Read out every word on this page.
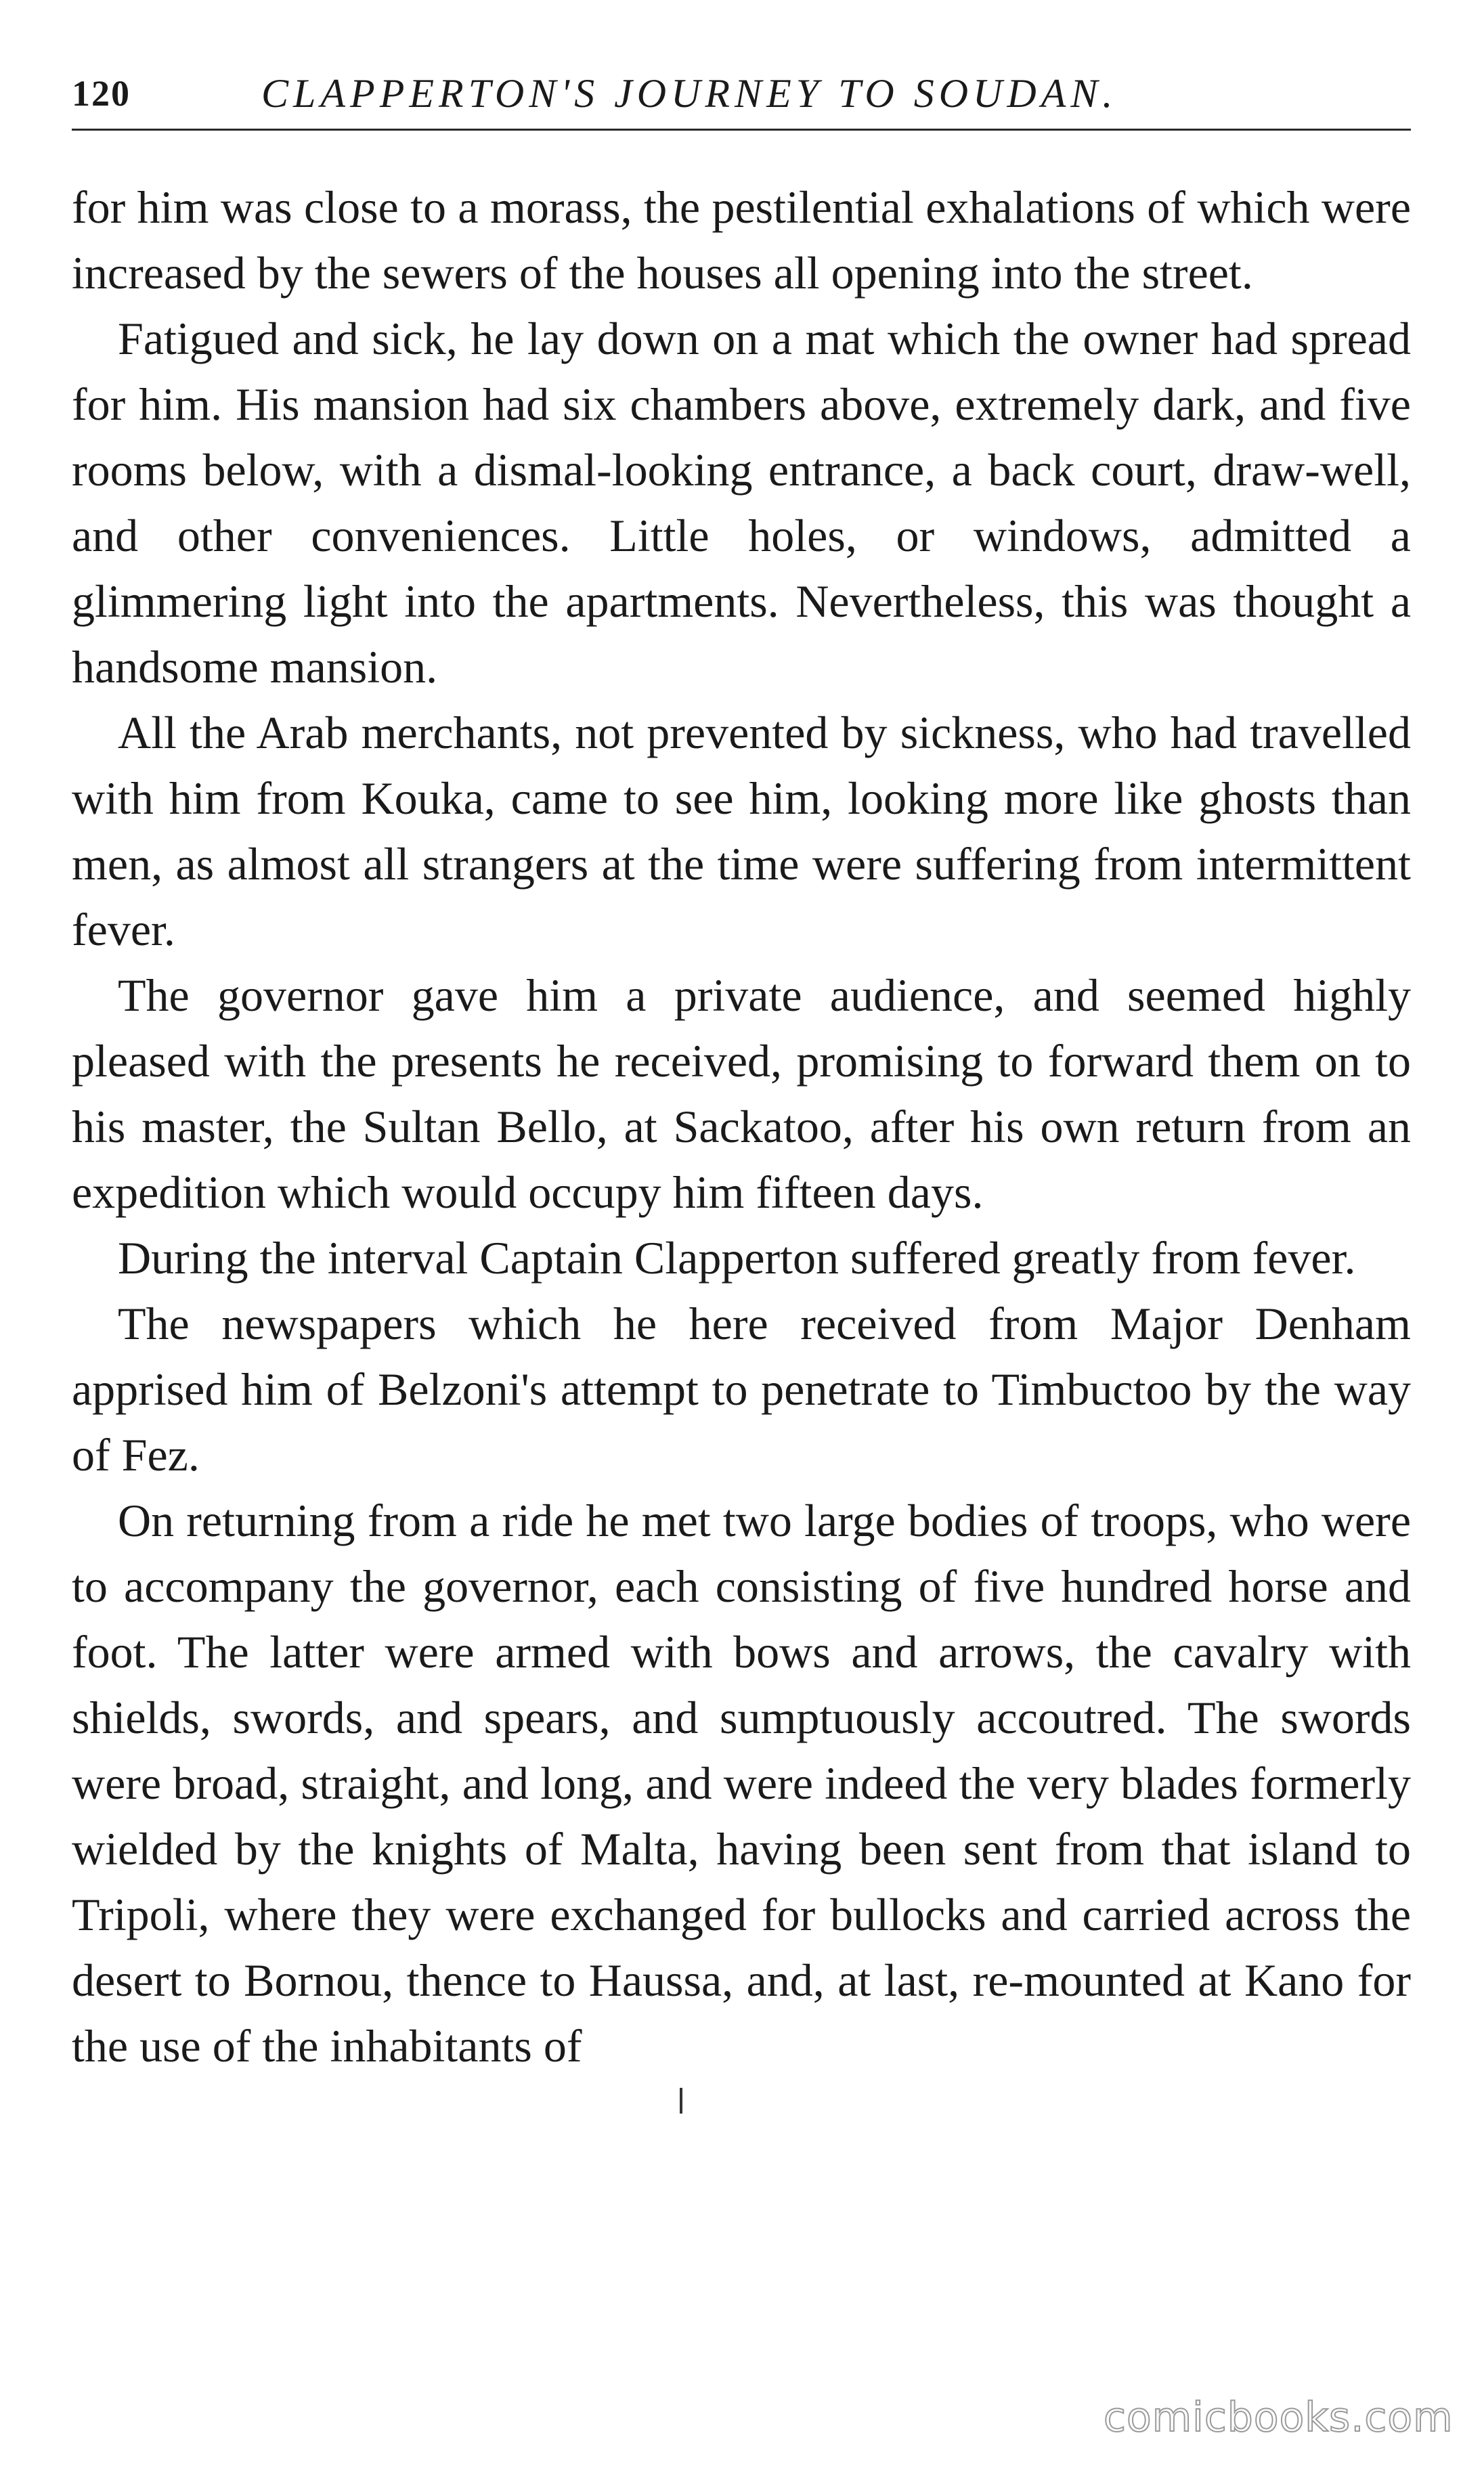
120	CLAPPERTON'S JOURNEY TO SOUDAN.

for him was close to a morass, the pestilential exhalations of which were increased by the sewers of the houses all opening into the street.

Fatigued and sick, he lay down on a mat which the owner had spread for him. His mansion had six chambers above, extremely dark, and five rooms below, with a dismal-looking entrance, a back court, draw-well, and other conveniences. Little holes, or windows, admitted a glimmering light into the apartments. Nevertheless, this was thought a handsome mansion.

All the Arab merchants, not prevented by sickness, who had travelled with him from Kouka, came to see him, looking more like ghosts than men, as almost all strangers at the time were suffering from intermittent fever.

The governor gave him a private audience, and seemed highly pleased with the presents he received, promising to forward them on to his master, the Sultan Bello, at Sackatoo, after his own return from an expedition which would occupy him fifteen days.

During the interval Captain Clapperton suffered greatly from fever.

The newspapers which he here received from Major Denham apprised him of Belzoni's attempt to penetrate to Timbuctoo by the way of Fez.

On returning from a ride he met two large bodies of troops, who were to accompany the governor, each consisting of five hundred horse and foot. The latter were armed with bows and arrows, the cavalry with shields, swords, and spears, and sumptuously accoutred. The swords were broad, straight, and long, and were indeed the very blades formerly wielded by the knights of Malta, having been sent from that island to Tripoli, where they were exchanged for bullocks and carried across the desert to Bornou, thence to Haussa, and, at last, re-mounted at Kano for the use of the inhabitants of

comicbooks.com
